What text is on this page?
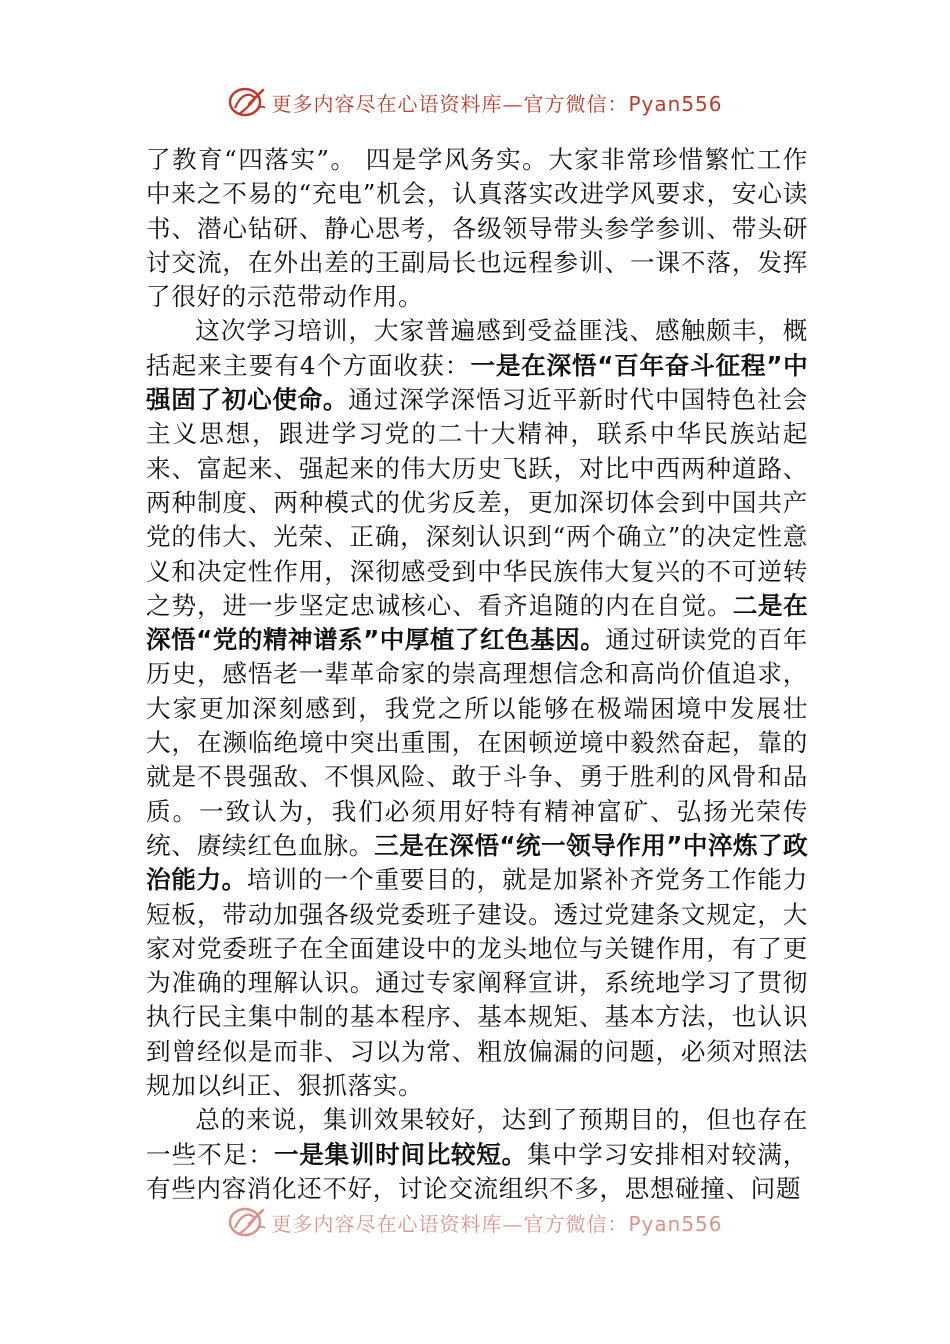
更多内容尽在心语资料库—官方微信：Pyan556

了教育“四落实”。 四是学风务实。大家非常珍惜繁忙工作中来之不易的“充电”机会，认真落实改进学风要求，安心读书、潜心钻研、静心思考，各级领导带头参学参训、带头研讨交流，在外出差的王副局长也远程参训、一课不落，发挥了很好的示范带动作用。

这次学习培训，大家普遍感到受益匪浅、感触颇丰，概括起来主要有4个方面收获：一是在深悟“百年奋斗征程”中强固了初心使命。通过深学深悟习近平新时代中国特色社会主义思想，跟进学习党的二十大精神，联系中华民族站起来、富起来、强起来的伟大历史飞跃，对比中西两种道路、两种制度、两种模式的优劣反差，更加深切体会到中国共产党的伟大、光荣、正确，深刻认识到“两个确立”的决定性意义和决定性作用，深彻感受到中华民族伟大复兴的不可逆转之势，进一步坚定忠诚核心、看齐追随的内在自觉。二是在深悟“党的精神谱系”中厚植了红色基因。通过研读党的百年历史，感悟老一辈革命家的崇高理想信念和高尚价值追求，大家更加深刻感到，我党之所以能够在极端困境中发展壮大，在濒临绝境中突出重围，在困顿逆境中毅然奋起，靠的就是不畏强敌、不惧风险、敢于斗争、勇于胜利的风骨和品质。一致认为，我们必须用好特有精神富矿、弘扬光荣传统、赓续红色血脉。三是在深悟“统一领导作用”中淬炼了政治能力。培训的一个重要目的，就是加紧补齐党务工作能力短板，带动加强各级党委班子建设。透过党建条文规定，大家对党委班子在全面建设中的龙头地位与关键作用，有了更为准确的理解认识。通过专家阐释宣讲，系统地学习了贯彻执行民主集中制的基本程序、基本规矩、基本方法，也认识到曾经似是而非、习以为常、粗放偏漏的问题，必须对照法规加以纠正、狠抓落实。

总的来说，集训效果较好，达到了预期目的，但也存在一些不足：一是集训时间比较短。集中学习安排相对较满，有些内容消化还不好，讨论交流组织不多，思想碰撞、问题

更多内容尽在心语资料库—官方微信：Pyan556
